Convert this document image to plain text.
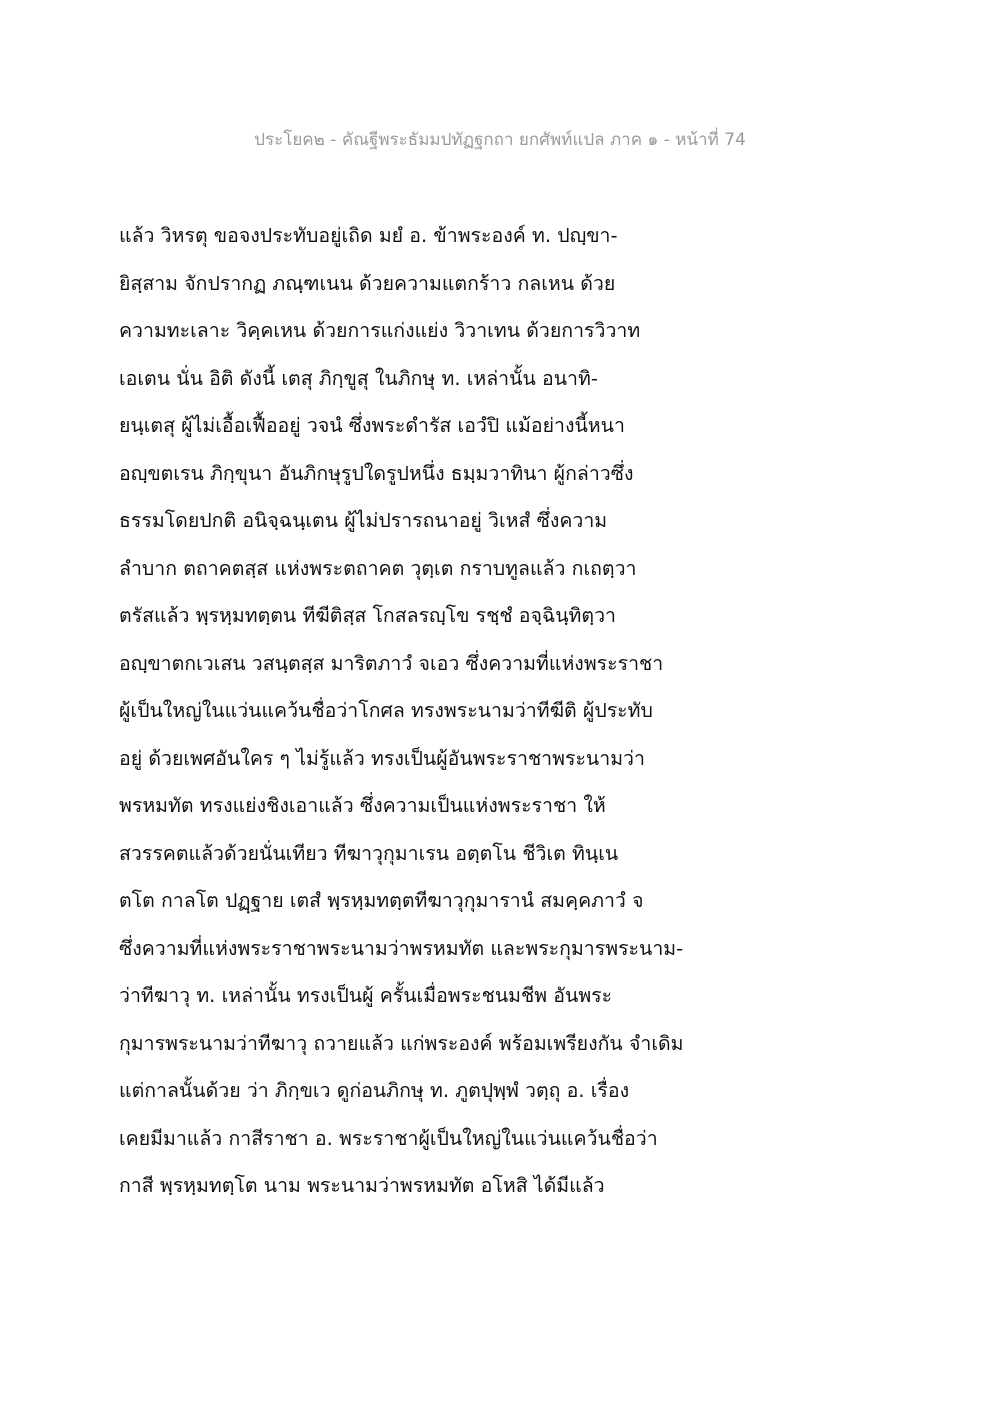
ประโยค๒ - คัณฐีพระธัมมปทัฏฐกถา ยกศัพท์แปล ภาค ๑ - หน้าที่ 74
แล้ว วิหรตุ ขอจงประทับอยู่เถิด มยํ อ. ข้าพระองค์ ท. ปญฺขา-
ยิสฺสาม จักปรากฏ ภณฺฑเนน ด้วยความแตกร้าว กลเหน ด้วย
ความทะเลาะ วิคฺคเหน ด้วยการแก่งแย่ง วิวาเทน ด้วยการวิวาท
เอเตน นั่น อิติ ดังนี้ เตสุ ภิกฺขูสุ ในภิกษุ ท. เหล่านั้น อนาทิ-
ยนฺเตสุ ผู้ไม่เอื้อเฟื้ออยู่ วจนํ ซึ่งพระดำรัส เอวํปิ แม้อย่างนี้หนา
อญฺขตเรน ภิกฺขุนา อันภิกษุรูปใดรูปหนึ่ง ธมฺมวาทินา ผู้กล่าวซึ่ง
ธรรมโดยปกติ อนิจฺฉนฺเตน ผู้ไม่ปรารถนาอยู่ วิเหสํ ซึ่งความ
ลำบาก ตถาคตสฺส แห่งพระตถาคต วุตฺเต กราบทูลแล้ว กเถตฺวา
ตรัสแล้ว พฺรหฺมทตฺตน ทีฆีติสฺส โกสลรญฺโข รชฺชํ อจฺฉินฺทิตฺวา
อญฺขาตกเวเสน วสนฺตสฺส มาริตภาวํ จเอว ซึ่งความที่แห่งพระราชา
ผู้เป็นใหญ่ในแว่นแคว้นชื่อว่าโกศล ทรงพระนามว่าทีฆีติ ผู้ประทับ
อยู่ ด้วยเพศอันใคร ๆ ไม่รู้แล้ว ทรงเป็นผู้อันพระราชาพระนามว่า
พรหมทัต ทรงแย่งชิงเอาแล้ว ซึ่งความเป็นแห่งพระราชา ให้
สวรรคตแล้วด้วยนั่นเทียว ทีฆาวุกุมาเรน อตฺตโน ชีวิเต ทินฺเน
ตโต กาลโต ปฏฺฐาย เตสํ พฺรหฺมทตฺตทีฆาวุกุมารานํ สมคฺคภาวํ จ
ซึ่งความที่แห่งพระราชาพระนามว่าพรหมทัต และพระกุมารพระนาม-
ว่าทีฆาวุ ท. เหล่านั้น ทรงเป็นผู้ ครั้นเมื่อพระชนมชีพ อันพระ
กุมารพระนามว่าทีฆาวุ ถวายแล้ว แก่พระองค์ พร้อมเพรียงกัน จำเดิม
แต่กาลนั้นด้วย ว่า ภิกฺขเว ดูก่อนภิกษุ ท. ภูตปุพฺพํ วตฺถุ อ. เรื่อง
เคยมีมาแล้ว กาสีราชา อ. พระราชาผู้เป็นใหญ่ในแว่นแคว้นชื่อว่า
กาสี พฺรหฺมทตฺโต นาม พระนามว่าพรหมทัต อโหสิ ได้มีแล้ว
